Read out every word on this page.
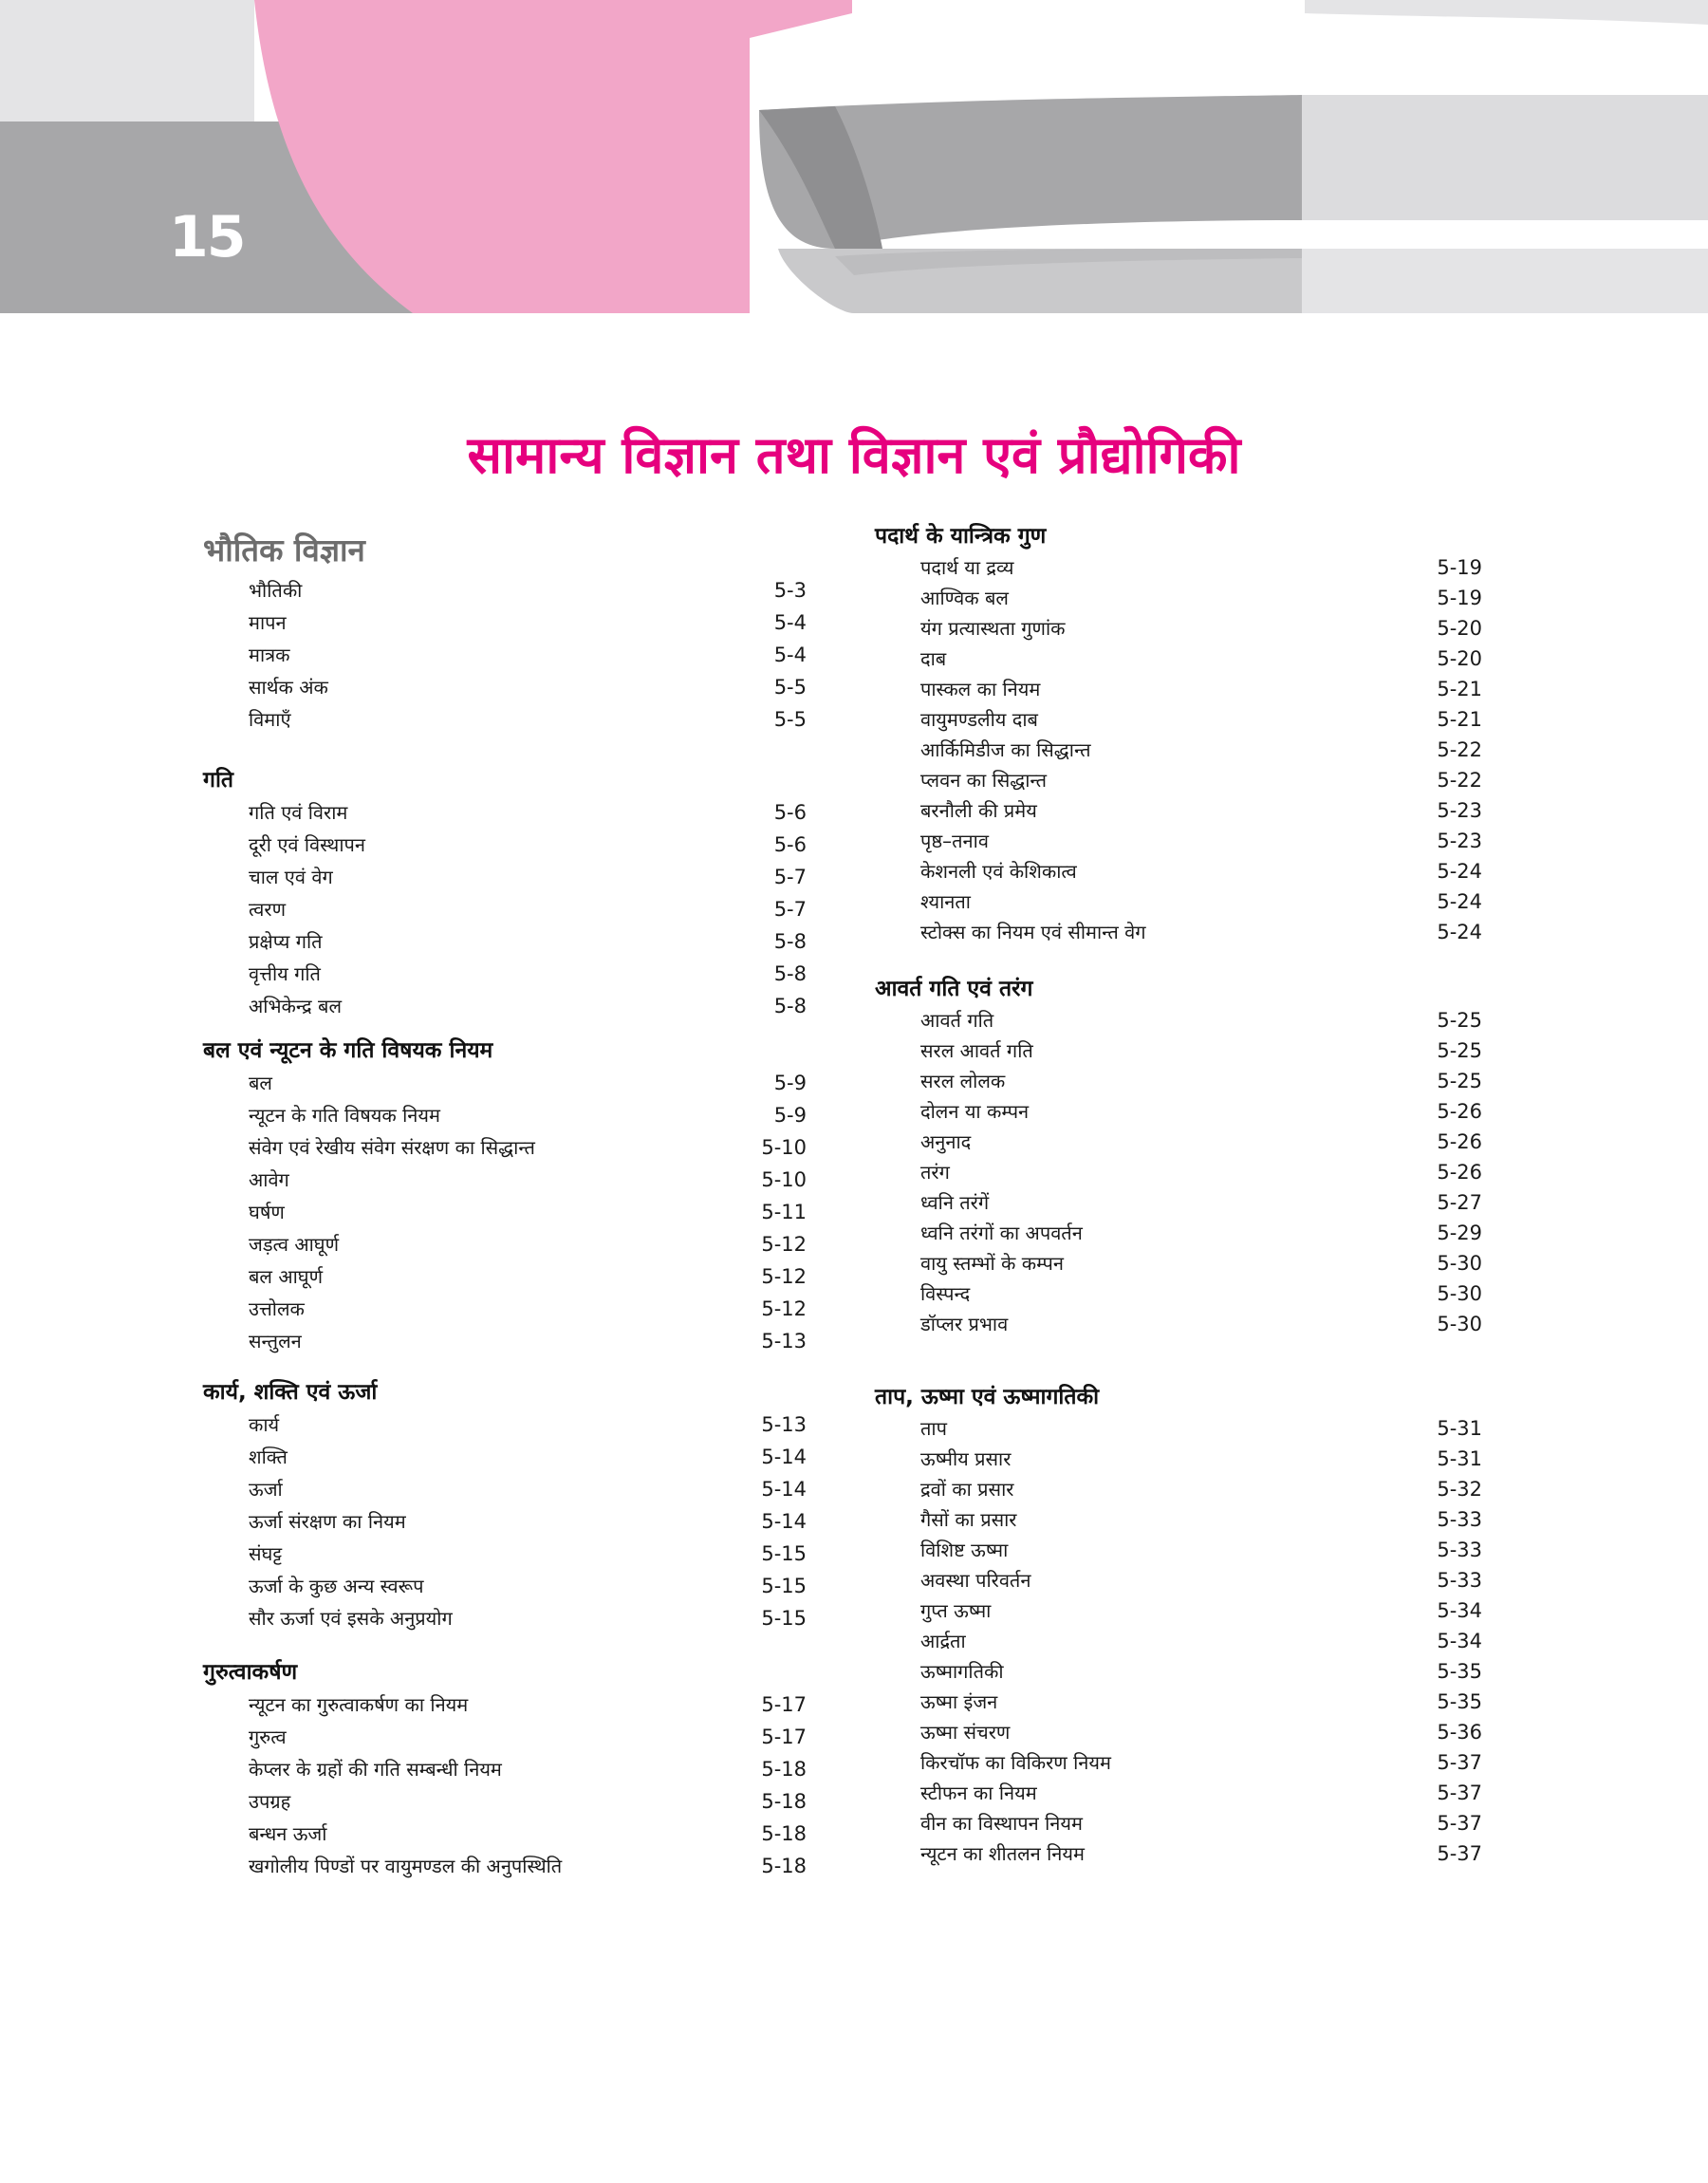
15
सामान्य विज्ञान तथा विज्ञान एवं प्रौद्योगिकी
भौतिक विज्ञान
भौतिकी	5-3
मापन	5-4
मात्रक	5-4
सार्थक अंक	5-5
विमाएँ	5-5
गति
गति एवं विराम	5-6
दूरी एवं विस्थापन	5-6
चाल एवं वेग	5-7
त्वरण	5-7
प्रक्षेप्य गति	5-8
वृत्तीय गति	5-8
अभिकेन्द्र बल	5-8
बल एवं न्यूटन के गति विषयक नियम
बल	5-9
न्यूटन के गति विषयक नियम	5-9
संवेग एवं रेखीय संवेग संरक्षण का सिद्धान्त	5-10
आवेग	5-10
घर्षण	5-11
जड़त्व आघूर्ण	5-12
बल आघूर्ण	5-12
उत्तोलक	5-12
सन्तुलन	5-13
कार्य, शक्ति एवं ऊर्जा
कार्य	5-13
शक्ति	5-14
ऊर्जा	5-14
ऊर्जा संरक्षण का नियम	5-14
संघट्ट	5-15
ऊर्जा के कुछ अन्य स्वरूप	5-15
सौर ऊर्जा एवं इसके अनुप्रयोग	5-15
गुरुत्वाकर्षण
न्यूटन का गुरुत्वाकर्षण का नियम	5-17
गुरुत्व	5-17
केप्लर के ग्रहों की गति सम्बन्धी नियम	5-18
उपग्रह	5-18
बन्धन ऊर्जा	5-18
खगोलीय पिण्डों पर वायुमण्डल की अनुपस्थिति	5-18
पदार्थ के यान्त्रिक गुण
पदार्थ या द्रव्य	5-19
आण्विक बल	5-19
यंग प्रत्यास्थता गुणांक	5-20
दाब	5-20
पास्कल का नियम	5-21
वायुमण्डलीय दाब	5-21
आर्किमिडीज का सिद्धान्त	5-22
प्लवन का सिद्धान्त	5-22
बरनौली की प्रमेय	5-23
पृष्ठ–तनाव	5-23
केशनली एवं केशिकात्व	5-24
श्यानता	5-24
स्टोक्स का नियम एवं सीमान्त वेग	5-24
आवर्त गति एवं तरंग
आवर्त गति	5-25
सरल आवर्त गति	5-25
सरल लोलक	5-25
दोलन या कम्पन	5-26
अनुनाद	5-26
तरंग	5-26
ध्वनि तरंगें	5-27
ध्वनि तरंगों का अपवर्तन	5-29
वायु स्तम्भों के कम्पन	5-30
विस्पन्द	5-30
डॉप्लर प्रभाव	5-30
ताप, ऊष्मा एवं ऊष्मागतिकी
ताप	5-31
ऊष्मीय प्रसार	5-31
द्रवों का प्रसार	5-32
गैसों का प्रसार	5-33
विशिष्ट ऊष्मा	5-33
अवस्था परिवर्तन	5-33
गुप्त ऊष्मा	5-34
आर्द्रता	5-34
ऊष्मागतिकी	5-35
ऊष्मा इंजन	5-35
ऊष्मा संचरण	5-36
किरचॉफ का विकिरण नियम	5-37
स्टीफन का नियम	5-37
वीन का विस्थापन नियम	5-37
न्यूटन का शीतलन नियम	5-37
